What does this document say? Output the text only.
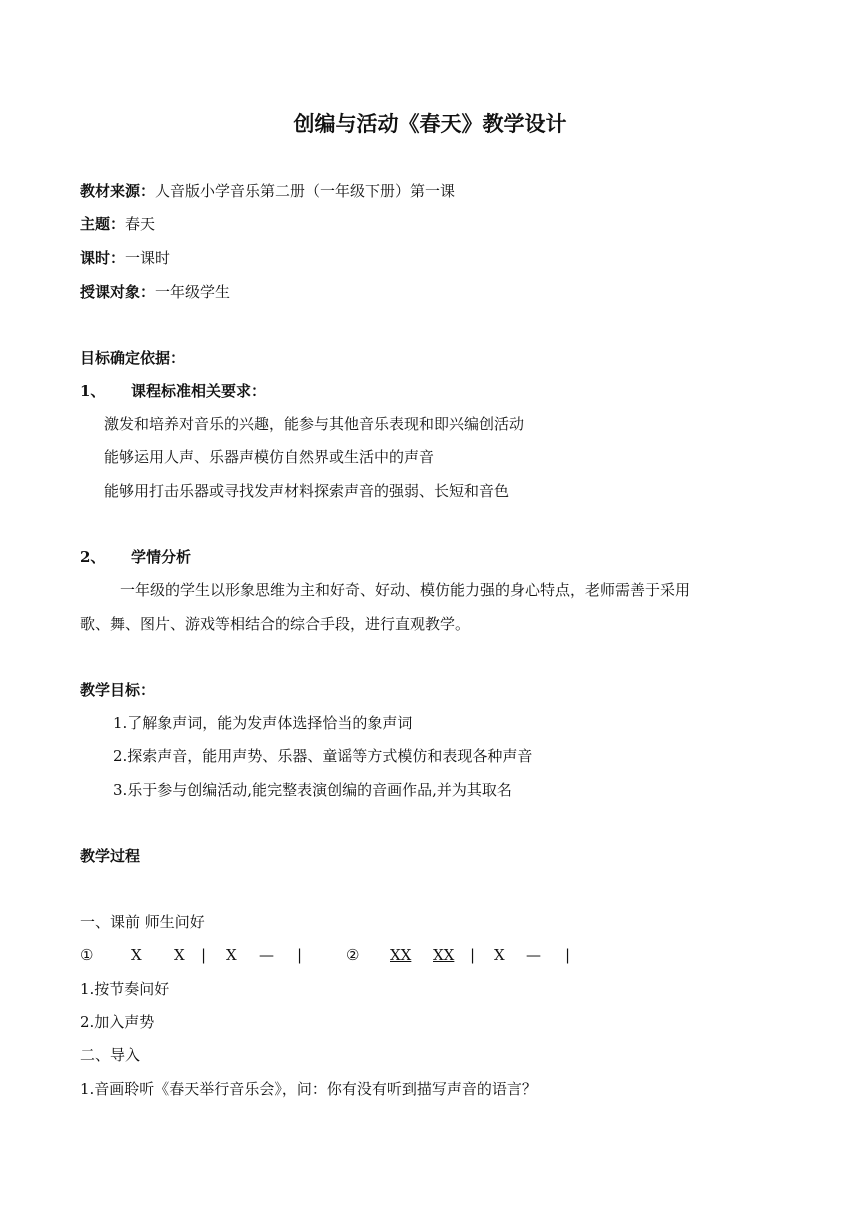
创编与活动《春天》教学设计
教材来源：人音版小学音乐第二册（一年级下册）第一课
主题：春天
课时：一课时
授课对象：一年级学生
目标确定依据：
1、 课程标准相关要求：
激发和培养对音乐的兴趣，能参与其他音乐表现和即兴编创活动
能够运用人声、乐器声模仿自然界或生活中的声音
能够用打击乐器或寻找发声材料探索声音的强弱、长短和音色
2、 学情分析
一年级的学生以形象思维为主和好奇、好动、模仿能力强的身心特点，老师需善于采用
歌、舞、图片、游戏等相结合的综合手段，进行直观教学。
教学目标：
1.了解象声词，能为发声体选择恰当的象声词
2.探索声音，能用声势、乐器、童谣等方式模仿和表现各种声音
3.乐于参与创编活动,能完整表演创编的音画作品,并为其取名
教学过程
一、课前 师生问好
①	X X | X — |	② XX XX | X — |
1.按节奏问好
2.加入声势
二、导入
1.音画聆听《春天举行音乐会》，问：你有没有听到描写声音的语言？
